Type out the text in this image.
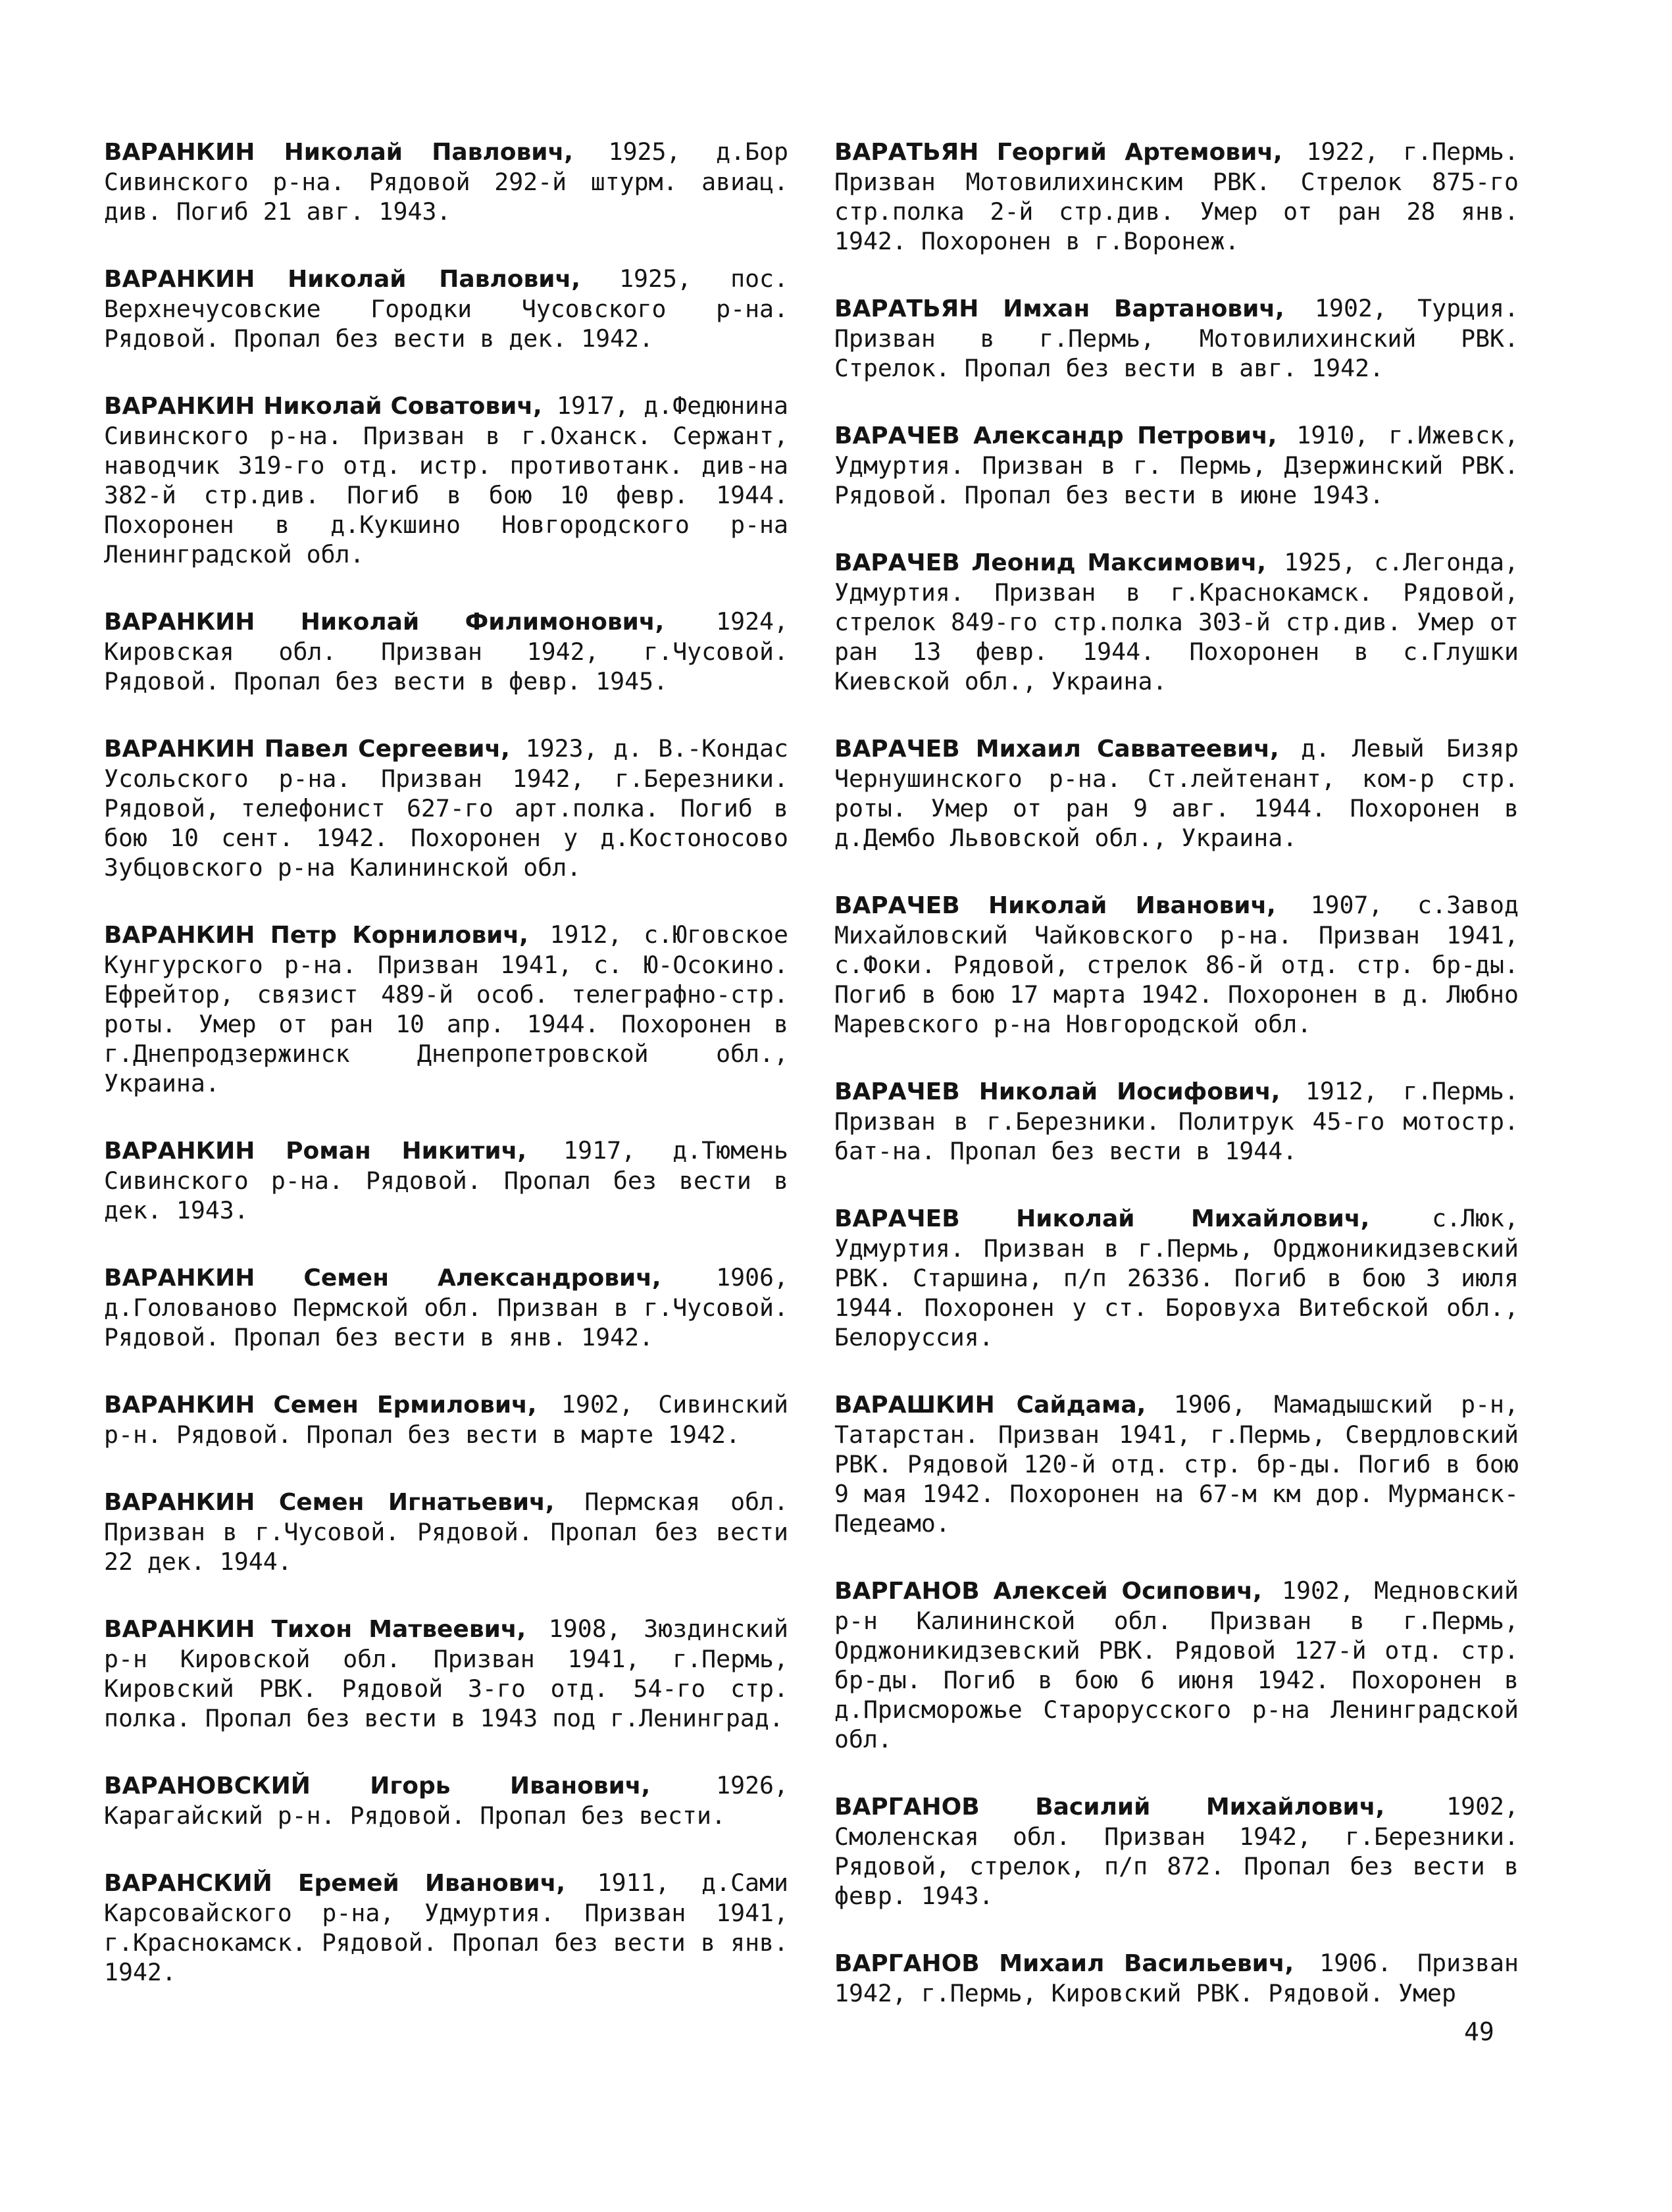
ВАРАНКИН Николай Павлович, 1925, д.Бор Сивинского р-на. Рядовой 292-й штурм. авиац. див. Погиб 21 авг. 1943.

ВАРАНКИН Николай Павлович, 1925, пос. Верхнечусовские Городки Чусовского р-на. Рядовой. Пропал без вести в дек. 1942.

ВАРАНКИН Николай Соватович, 1917, д.Федюнина Сивинского р-на. Призван в г.Оханск. Сержант, наводчик 319-го отд. истр. противотанк. див-на 382-й стр.див. Погиб в бою 10 февр. 1944. Похоронен в д.Кукшино Новгородского р-на Ленинградской обл.

ВАРАНКИН Николай Филимонович, 1924, Кировская обл. Призван 1942, г.Чусовой. Рядовой. Пропал без вести в февр. 1945.

ВАРАНКИН Павел Сергеевич, 1923, д. В.-Кондас Усольского р-на. Призван 1942, г.Березники. Рядовой, телефонист 627-го арт.полка. Погиб в бою 10 сент. 1942. Похоронен у д.Костоносово Зубцовского р-на Калининской обл.

ВАРАНКИН Петр Корнилович, 1912, с.Юговское Кунгурского р-на. Призван 1941, с. Ю-Осокино. Ефрейтор, связист 489-й особ. телеграфно-стр. роты. Умер от ран 10 апр. 1944. Похоронен в г.Днепродзержинск Днепропетровской обл., Украина.

ВАРАНКИН Роман Никитич, 1917, д.Тюмень Сивинского р-на. Рядовой. Пропал без вести в дек. 1943.

ВАРАНКИН Семен Александрович, 1906, д.Голованово Пермской обл. Призван в г.Чусовой. Рядовой. Пропал без вести в янв. 1942.

ВАРАНКИН Семен Ермилович, 1902, Сивинский р-н. Рядовой. Пропал без вести в марте 1942.

ВАРАНКИН Семен Игнатьевич, Пермская обл. Призван в г.Чусовой. Рядовой. Пропал без вести 22 дек. 1944.

ВАРАНКИН Тихон Матвеевич, 1908, Зюздинский р-н Кировской обл. Призван 1941, г.Пермь, Кировский РВК. Рядовой 3-го отд. 54-го стр. полка. Пропал без вести в 1943 под г.Ленинград.

ВАРАНОВСКИЙ Игорь Иванович, 1926, Карагайский р-н. Рядовой. Пропал без вести.

ВАРАНСКИЙ Еремей Иванович, 1911, д.Сами Карсовайского р-на, Удмуртия. Призван 1941, г.Краснокамск. Рядовой. Пропал без вести в янв. 1942.

ВАРАТЬЯН Георгий Артемович, 1922, г.Пермь. Призван Мотовилихинским РВК. Стрелок 875-го стр.полка 2-й стр.див. Умер от ран 28 янв. 1942. Похоронен в г.Воронеж.

ВАРАТЬЯН Имхан Вартанович, 1902, Турция. Призван в г.Пермь, Мотовилихинский РВК. Стрелок. Пропал без вести в авг. 1942.

ВАРАЧЕВ Александр Петрович, 1910, г.Ижевск, Удмуртия. Призван в г. Пермь, Дзержинский РВК. Рядовой. Пропал без вести в июне 1943.

ВАРАЧЕВ Леонид Максимович, 1925, с.Легонда, Удмуртия. Призван в г.Краснокамск. Рядовой, стрелок 849-го стр.полка 303-й стр.див. Умер от ран 13 февр. 1944. Похоронен в с.Глушки Киевской обл., Украина.

ВАРАЧЕВ Михаил Савватеевич, д. Левый Бизяр Чернушинского р-на. Ст.лейтенант, ком-р стр. роты. Умер от ран 9 авг. 1944. Похоронен в д.Дембо Львовской обл., Украина.

ВАРАЧЕВ Николай Иванович, 1907, с.Завод Михайловский Чайковского р-на. Призван 1941, с.Фоки. Рядовой, стрелок 86-й отд. стр. бр-ды. Погиб в бою 17 марта 1942. Похоронен в д. Любно Маревского р-на Новгородской обл.

ВАРАЧЕВ Николай Иосифович, 1912, г.Пермь. Призван в г.Березники. Политрук 45-го мотостр. бат-на. Пропал без вести в 1944.

ВАРАЧЕВ Николай Михайлович, с.Люк, Удмуртия. Призван в г.Пермь, Орджоникидзевский РВК. Старшина, п/п 26336. Погиб в бою 3 июля 1944. Похоронен у ст. Боровуха Витебской обл., Белоруссия.

ВАРАШКИН Сайдама, 1906, Мамадышский р-н, Татарстан. Призван 1941, г.Пермь, Свердловский РВК. Рядовой 120-й отд. стр. бр-ды. Погиб в бою 9 мая 1942. Похоронен на 67-м км дор. Мурманск-Педеамо.

ВАРГАНОВ Алексей Осипович, 1902, Медновский р-н Калининской обл. Призван в г.Пермь, Орджоникидзевский РВК. Рядовой 127-й отд. стр. бр-ды. Погиб в бою 6 июня 1942. Похоронен в д.Присморожье Старорусского р-на Ленинградской обл.

ВАРГАНОВ Василий Михайлович, 1902, Смоленская обл. Призван 1942, г.Березники. Рядовой, стрелок, п/п 872. Пропал без вести в февр. 1943.

ВАРГАНОВ Михаил Васильевич, 1906. Призван 1942, г.Пермь, Кировский РВК. Рядовой. Умер

49
